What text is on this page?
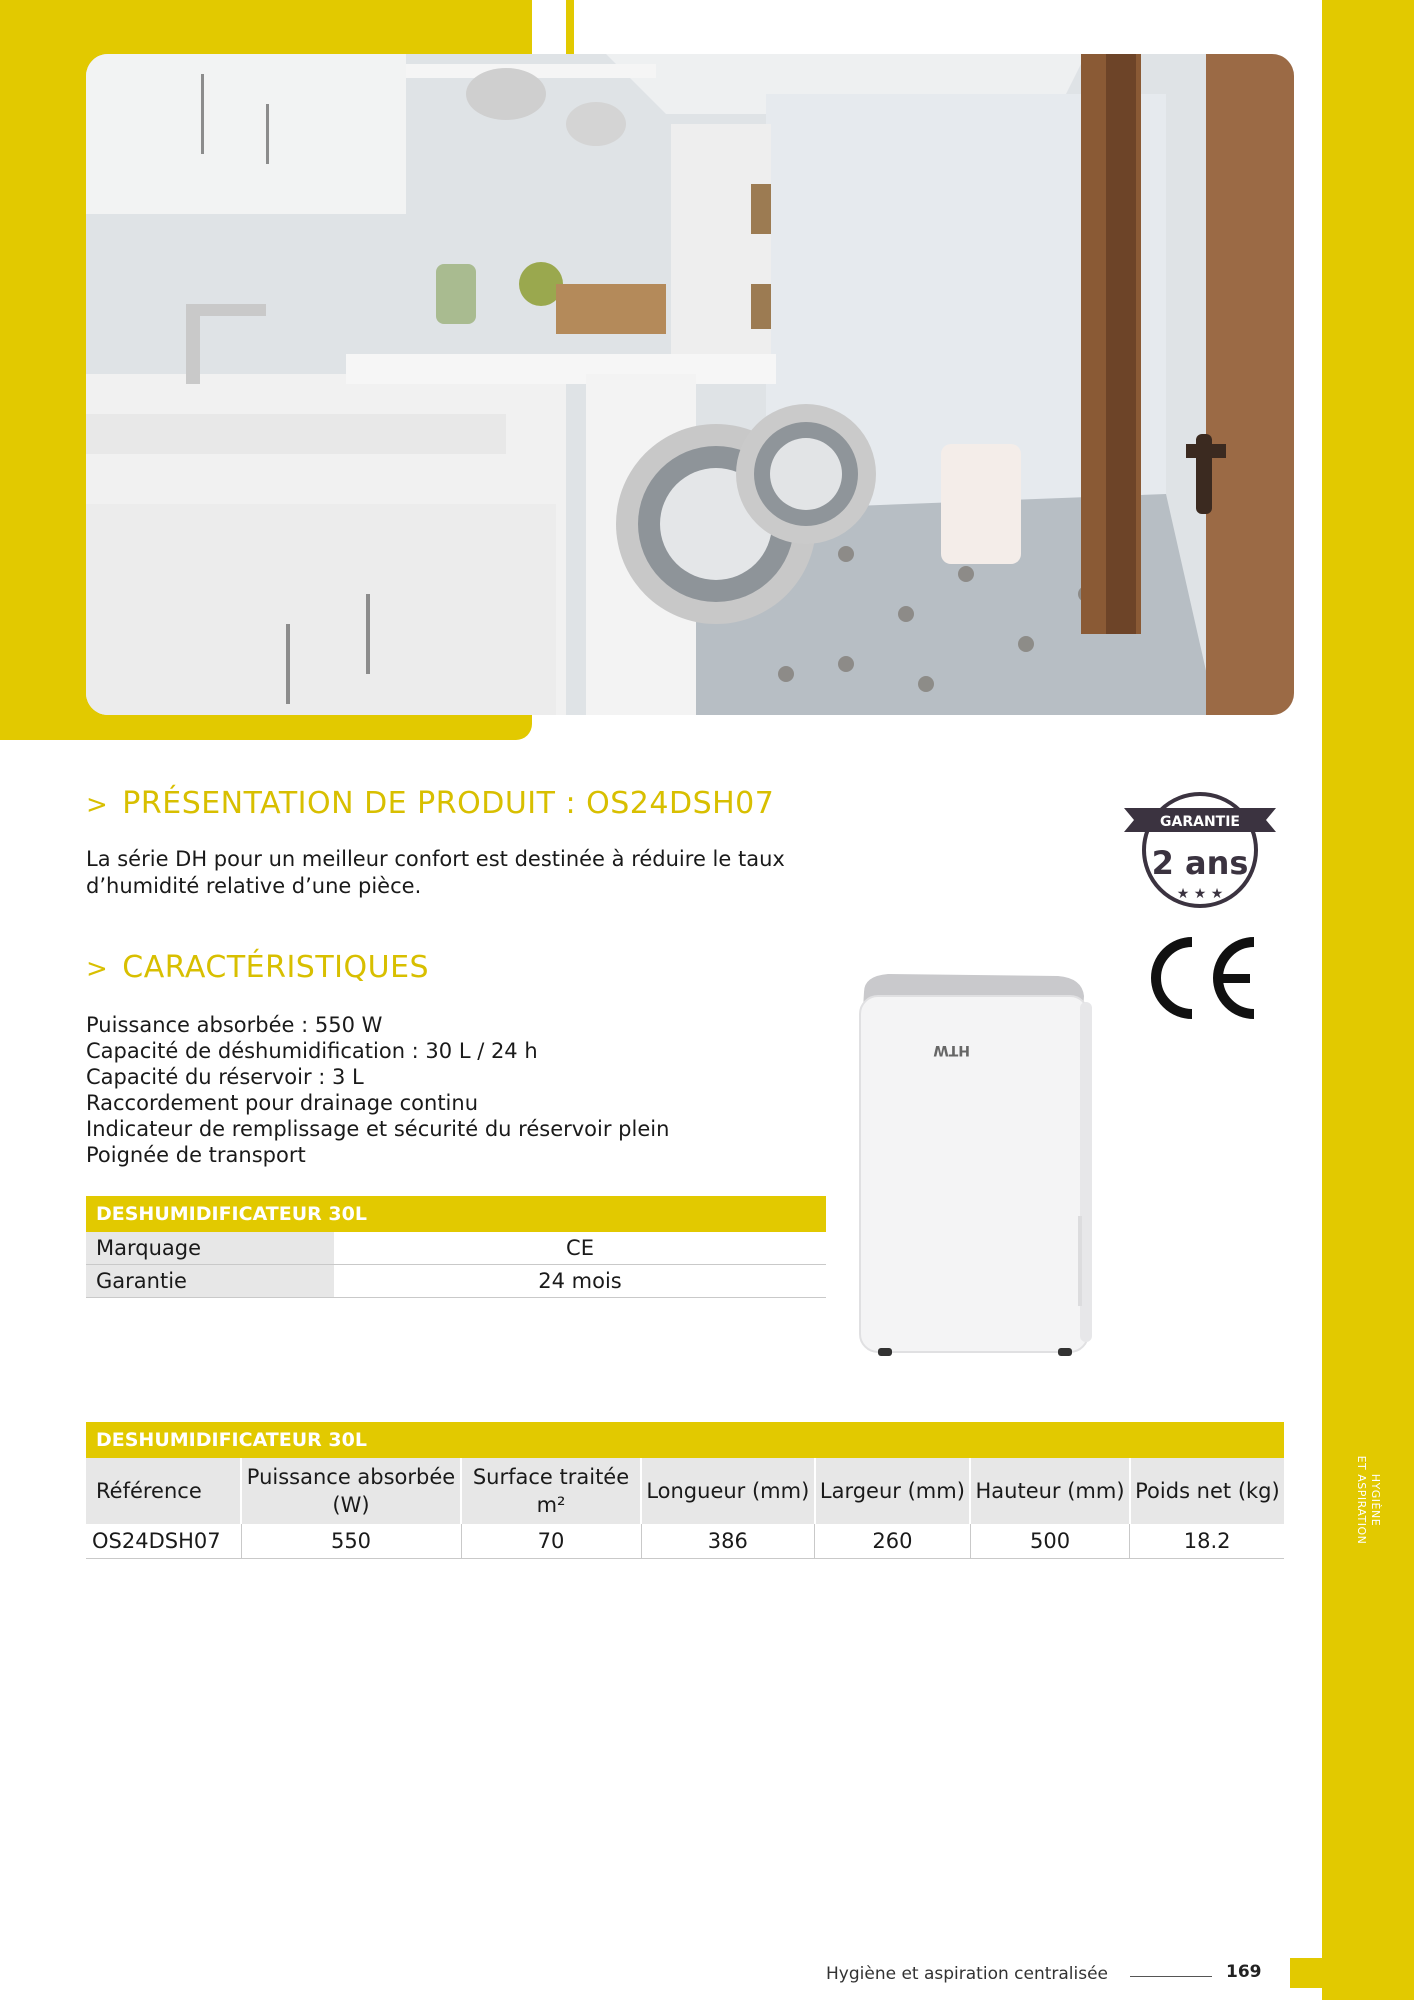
HYGIÈNE
ET ASPIRATION
> PRÉSENTATION DE PRODUIT : OS24DSH07

La série DH pour un meilleur confort est destinée à réduire le taux d’humidité relative d’une pièce.

> CARACTÉRISTIQUES
Puissance absorbée : 550 W
Capacité de déshumidification : 30 L / 24 h
Capacité du réservoir : 3 L
Raccordement pour drainage continu
Indicateur de remplissage et sécurité du réservoir plein
Poignée de transport
GARANTIE
2 ans
★ ★ ★
HTW
DESHUMIDIFICATEUR 30L
Marquage	CE
Garantie	24 mois
DESHUMIDIFICATEUR 30L
Référence	Puissance absorbée (W)	Surface traitée m²	Longueur (mm)	Largeur (mm)	Hauteur (mm)	Poids net (kg)
OS24DSH07	550	70	386	260	500	18.2
Hygiène et aspiration centralisée	169
